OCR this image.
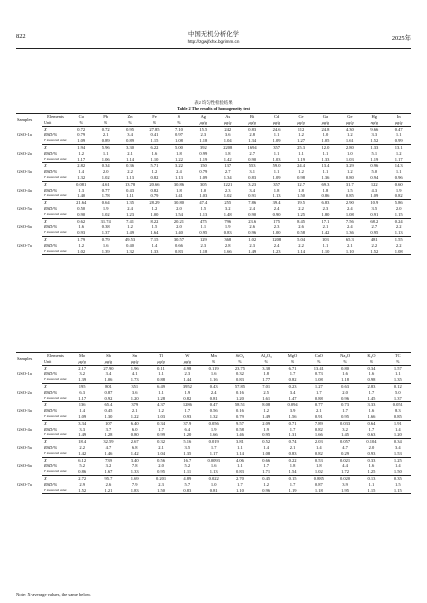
822	中国无机分析化学
http://zgwjfxhx.bgrimm.cn	2025年
表2 均匀性检验结果
Table 2 The results of homogeneity test
Samples	Elements	Cu	Pb	Zn	Fe	S	Ag	As	Bi	Cd	Ce	Ga	Ge	Hg	In
	Unit	%	%	%	%	%	μg/g	μg/g	μg/g	μg/g	μg/g	μg/g	μg/g	ng/g	μg/g
GSO-1a	X	0.72	0.72	0.95	27.85	7.10	15.5	242	0.83	24.6	112	24.8	4.30	9.66	0.47
	RSD/%	0.79	2.1	3.4	0.41	0.97	2.3	3.6	2.8	1.1	1.2	1.0	1.2	3.3	1.1
	F measured value	1.09	0.89	0.89	1.15	1.08	1.18	1.04	1.34	1.09	1.27	1.05	1.61	1.52	0.99
GSO-2a	X	1.94	5.96	3.30	6.22	5.00	392	2208	1694	357	25.3	12.0	2.80	1.33	13.1
	RSD/%	1.2	1.1	2.1	1.6	1.8	0.99	1.8	2.7	1.1	1.1	1.1	1.0	5.1	1.2
	F measured value	1.17	1.06	1.14	1.10	1.22	1.19	1.42	0.90	1.03	1.19	1.33	1.03	1.19	1.17
GSO-3a	X	2.82	0.34	0.36	5.71	3.22	150	137	553	59.0	24.4	13.4	3.29	0.96	14.3
	RSD/%	1.4	2.0	2.2	1.2	2.4	0.79	2.7	3.1	1.1	1.2	1.1	1.2	5.0	1.1
	F measured value	1.32	1.02	1.13	0.82	1.13	1.09	1.34	0.83	1.09	0.98	1.36	0.80	0.94	0.96
GSO-4a	X	0.081	4.61	13.78	20.66	30.86	305	1221	3.23	357	12.7	69.3	31.7	122	0.60
	RSD/%	1.3	0.77	0.43	0.82	1.8	1.0	2.3	3.4	1.8	1.8	1.8	1.5	4.3	1.9
	F measured value	1.40	1.78	1.11	0.79	1.41	1.03	1.02	0.91	1.13	1.50	0.86	0.85	1.09	0.82
GSO-5a	X	21.64	0.64	1.35	28.29	30.80	47.4	255	7.86	39.4	19.5	6.83	2.90	10.9	5.86
	RSD/%	0.50	1.9	2.4	1.2	2.0	1.5	3.2	2.4	2.4	2.2	2.3	2.4	3.5	2.0
	F measured value	0.90	1.02	1.23	1.00	1.54	1.13	1.48	0.90	0.90	1.25	1.80	1.08	0.91	1.15
GSO-6a	X	0.62	31.74	7.41	8.22	20.21	475	796	23.6	175	8.45	17.1	7.56	68.2	0.24
	RSD/%	1.6	0.38	1.2	1.5	2.0	1.1	1.9	2.6	2.3	2.6	2.1	2.4	2.7	2.2
	F measured value	0.93	1.37	1.49	1.64	1.40	0.95	0.83	0.96	1.00	0.58	1.42	1.36	0.95	1.13
GSO-7a	X	1.79	0.79	49.53	7.15	30.57	129	368	1.02	1208	5.04	103	65.3	481	1.55
	RSD/%	1.2	1.6	0.40	1.4	0.66	2.3	2.8	2.3	2.4	2.2	1.1	2.1	2.2	2.2
	F measured value	1.02	1.39	1.32	1.33	0.83	1.18	1.66	1.49	1.23	1.14	1.10	1.10	1.52	1.08
Samples	Elements	Mo	Sb	Sn	Tl	W	Mn	SiO₂	Al₂O₃	MgO	CaO	Na₂O	K₂O	TC
	Unit	μg/g	μg/g	μg/g	μg/g	μg/g	%	%	%	%	%	%	%	%
GSO-1a	X	2.17	27.90	1.96	0.11	4.98	0.119	23.75	3.38	6.71	13.41	0.80	0.34	1.57
	RSD/%	3.2	3.4	4.1	1.1	2.3	1.6	0.32	1.8	1.7	0.73	1.6	1.6	1.1
	F measured value	1.39	1.06	1.73	0.88	1.44	1.16	0.83	1.77	0.82	1.08	1.18	0.98	1.35
GSO-2a	X	195	801	351	6.49	3952	0.43	57.85	7.01	0.23	1.27	0.63	2.83	0.12
	RSD/%	6.3	0.87	3.6	1.1	1.9	2.4	0.16	2.5	3.4	1.7	2.0	1.7	5.0
	F measured value	1.17	0.92	1.20	1.28	0.82	0.81	1.20	1.61	1.47	0.88	0.96	1.45	1.37
GSO-3a	X	136	65.4	379	4.37	1286	0.47	58.51	8.08	0.094	0.77	0.73	3.33	0.051
	RSD/%	1.4	0.45	2.1	1.2	1.7	0.56	0.16	1.2	3.9	2.1	1.7	1.6	8.3
	F measured value	1.09	1.30	1.22	1.03	0.93	1.32	0.79	1.49	1.56	0.91	0.95	1.66	0.85
GSO-4a	X	3.34	107	6.40	0.34	37.9	0.056	9.57	2.09	0.71	7.89	0.033	0.64	1.91
	RSD/%	3.3	3.7	6.0	1.7	6.4	1.9	0.58	1.9	1.7	0.82	3.2	1.7	1.4
	F measured value	1.49	1.28	0.80	0.99	1.20	1.66	1.46	0.95	1.31	1.66	1.45	0.63	1.20
GSO-5a	X	18.4	32.59	2.67	0.32	5.16	0.019	3.81	0.52	0.74	2.03	0.057	0.104	0.34
	RSD/%	2.2	4.7	6.8	2.1	3.5	1.7	1.1	1.4	2.1	1.4	4.7	2.0	3.4
	F measured value	1.42	1.46	1.42	1.04	1.35	1.17	1.14	1.08	0.83	0.82	0.29	0.93	1.53
GSO-6a	X	6.12	739	3.40	0.56	16.7	0.0093	4.06	0.66	0.22	0.53	0.021	0.33	1.25
	RSD/%	5.2	3.2	7.8	2.0	5.2	1.6	1.1	1.7	1.8	1.8	4.4	1.6	1.4
	F measured value	0.86	1.67	1.33	0.95	1.11	1.13	0.83	1.71	1.54	1.02	1.72	1.25	1.50
GSO-7a	X	2.72	95.7	1.69	0.201	4.89	0.022	2.70	0.45	0.15	0.885	0.020	0.13	0.35
	RSD/%	2.9	2.6	7.9	2.3	5.7	1.0	1.7	1.2	1.7	0.87	3.9	1.1	1.5
	F measured value	1.52	1.21	1.83	1.50	0.83	0.81	1.10	0.96	1.19	1.18	1.95	1.15	1.15
Note: X-average values, the same below.
